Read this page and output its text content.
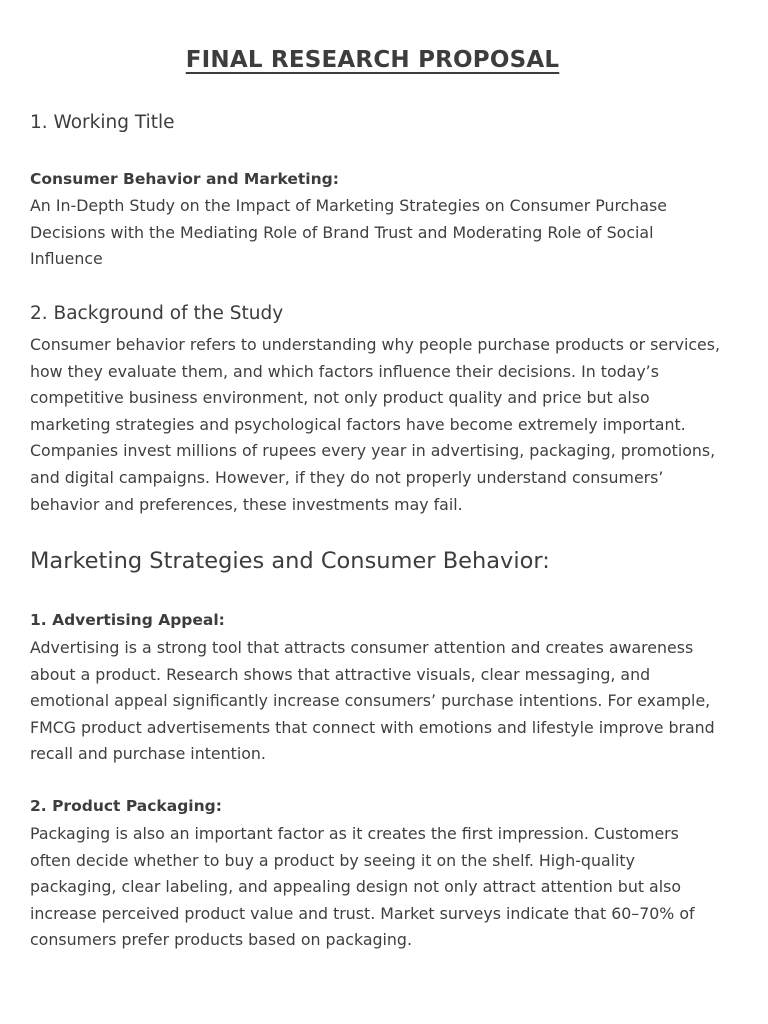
FINAL RESEARCH PROPOSAL
1. Working Title
Consumer Behavior and Marketing:
An In-Depth Study on the Impact of Marketing Strategies on Consumer Purchase
Decisions with the Mediating Role of Brand Trust and Moderating Role of Social
Influence
2. Background of the Study
Consumer behavior refers to understanding why people purchase products or services,
how they evaluate them, and which factors influence their decisions. In today’s
competitive business environment, not only product quality and price but also
marketing strategies and psychological factors have become extremely important.
Companies invest millions of rupees every year in advertising, packaging, promotions,
and digital campaigns. However, if they do not properly understand consumers’
behavior and preferences, these investments may fail.
Marketing Strategies and Consumer Behavior:
1. Advertising Appeal:
Advertising is a strong tool that attracts consumer attention and creates awareness
about a product. Research shows that attractive visuals, clear messaging, and
emotional appeal significantly increase consumers’ purchase intentions. For example,
FMCG product advertisements that connect with emotions and lifestyle improve brand
recall and purchase intention.
2. Product Packaging:
Packaging is also an important factor as it creates the first impression. Customers
often decide whether to buy a product by seeing it on the shelf. High-quality
packaging, clear labeling, and appealing design not only attract attention but also
increase perceived product value and trust. Market surveys indicate that 60–70% of
consumers prefer products based on packaging.
